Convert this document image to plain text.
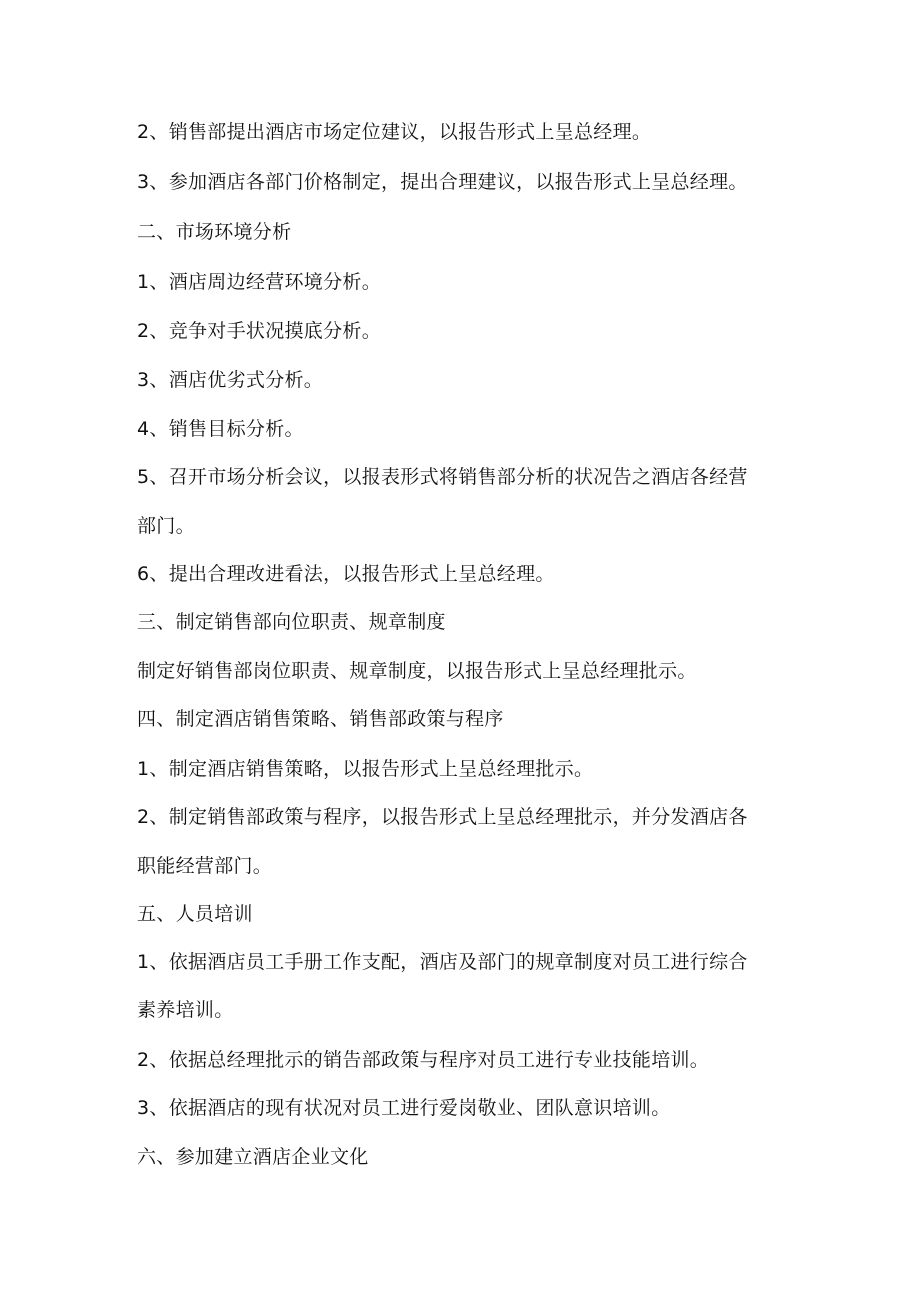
2、销售部提出酒店市场定位建议，以报告形式上呈总经理。
3、参加酒店各部门价格制定，提出合理建议，以报告形式上呈总经理。
二、市场环境分析
1、酒店周边经营环境分析。
2、竞争对手状况摸底分析。
3、酒店优劣式分析。
4、销售目标分析。
5、召开市场分析会议，以报表形式将销售部分析的状况告之酒店各经营
部门。
6、提出合理改进看法，以报告形式上呈总经理。
三、制定销售部向位职责、规章制度
制定好销售部岗位职责、规章制度，以报告形式上呈总经理批示。
四、制定酒店销售策略、销售部政策与程序
1、制定酒店销售策略，以报告形式上呈总经理批示。
2、制定销售部政策与程序，以报告形式上呈总经理批示，并分发酒店各
职能经营部门。
五、人员培训
1、依据酒店员工手册工作支配，酒店及部门的规章制度对员工进行综合
素养培训。
2、依据总经理批示的销告部政策与程序对员工进行专业技能培训。
3、依据酒店的现有状况对员工进行爱岗敬业、团队意识培训。
六、参加建立酒店企业文化
